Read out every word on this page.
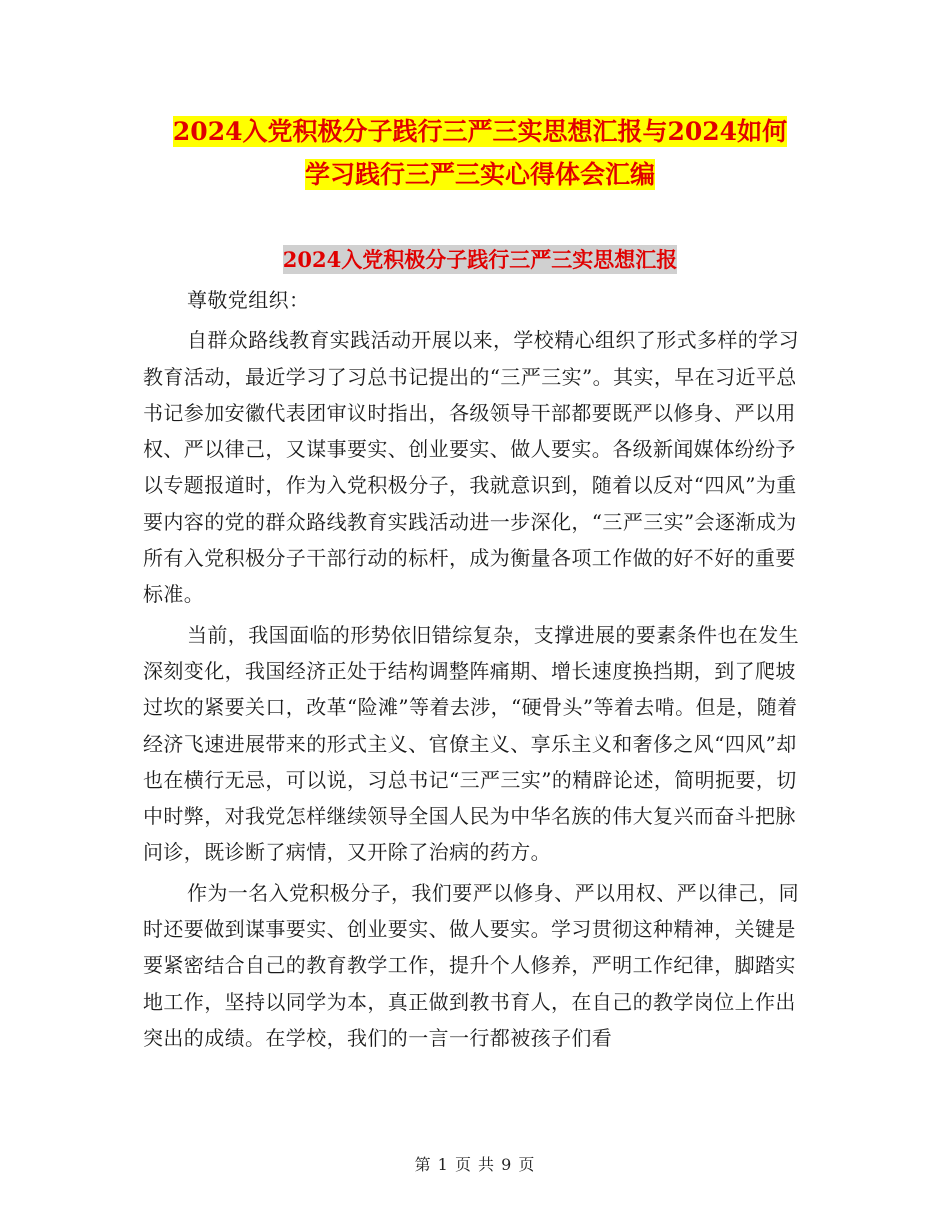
2024入党积极分子践行三严三实思想汇报与2024如何
学习践行三严三实心得体会汇编
2024入党积极分子践行三严三实思想汇报

尊敬党组织：

自群众路线教育实践活动开展以来，学校精心组织了形式多样的学习教育活动，最近学习了习总书记提出的“三严三实”。其实，早在习近平总书记参加安徽代表团审议时指出，各级领导干部都要既严以修身、严以用权、严以律己，又谋事要实、创业要实、做人要实。各级新闻媒体纷纷予以专题报道时，作为入党积极分子，我就意识到，随着以反对“四风”为重要内容的党的群众路线教育实践活动进一步深化，“三严三实”会逐渐成为所有入党积极分子干部行动的标杆，成为衡量各项工作做的好不好的重要标准。

当前，我国面临的形势依旧错综复杂，支撑进展的要素条件也在发生深刻变化，我国经济正处于结构调整阵痛期、增长速度换挡期，到了爬坡过坎的紧要关口，改革“险滩”等着去涉，“硬骨头”等着去啃。但是，随着经济飞速进展带来的形式主义、官僚主义、享乐主义和奢侈之风“四风”却也在横行无忌，可以说，习总书记“三严三实”的精辟论述，简明扼要，切中时弊，对我党怎样继续领导全国人民为中华名族的伟大复兴而奋斗把脉问诊，既诊断了病情，又开除了治病的药方。

作为一名入党积极分子，我们要严以修身、严以用权、严以律己，同时还要做到谋事要实、创业要实、做人要实。学习贯彻这种精神，关键是要紧密结合自己的教育教学工作，提升个人修养，严明工作纪律，脚踏实地工作，坚持以同学为本，真正做到教书育人，在自己的教学岗位上作出突出的成绩。在学校，我们的一言一行都被孩子们看

第 1 页 共 9 页
